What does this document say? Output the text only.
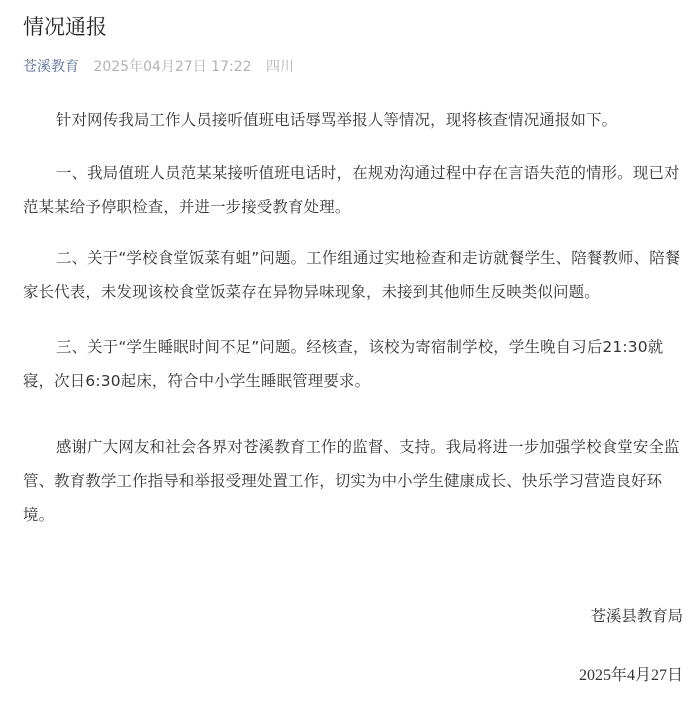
情况通报
苍溪教育 2025年04月27日 17:22 四川

针对网传我局工作人员接听值班电话辱骂举报人等情况，现将核查情况通报如下。

一、我局值班人员范某某接听值班电话时，在规劝沟通过程中存在言语失范的情形。现已对范某某给予停职检查，并进一步接受教育处理。

二、关于“学校食堂饭菜有蛆”问题。工作组通过实地检查和走访就餐学生、陪餐教师、陪餐家长代表，未发现该校食堂饭菜存在异物异味现象，未接到其他师生反映类似问题。

三、关于“学生睡眠时间不足”问题。经核查，该校为寄宿制学校，学生晚自习后21:30就寝，次日6:30起床，符合中小学生睡眠管理要求。

感谢广大网友和社会各界对苍溪教育工作的监督、支持。我局将进一步加强学校食堂安全监管、教育教学工作指导和举报受理处置工作，切实为中小学生健康成长、快乐学习营造良好环境。

苍溪县教育局
2025年4月27日
